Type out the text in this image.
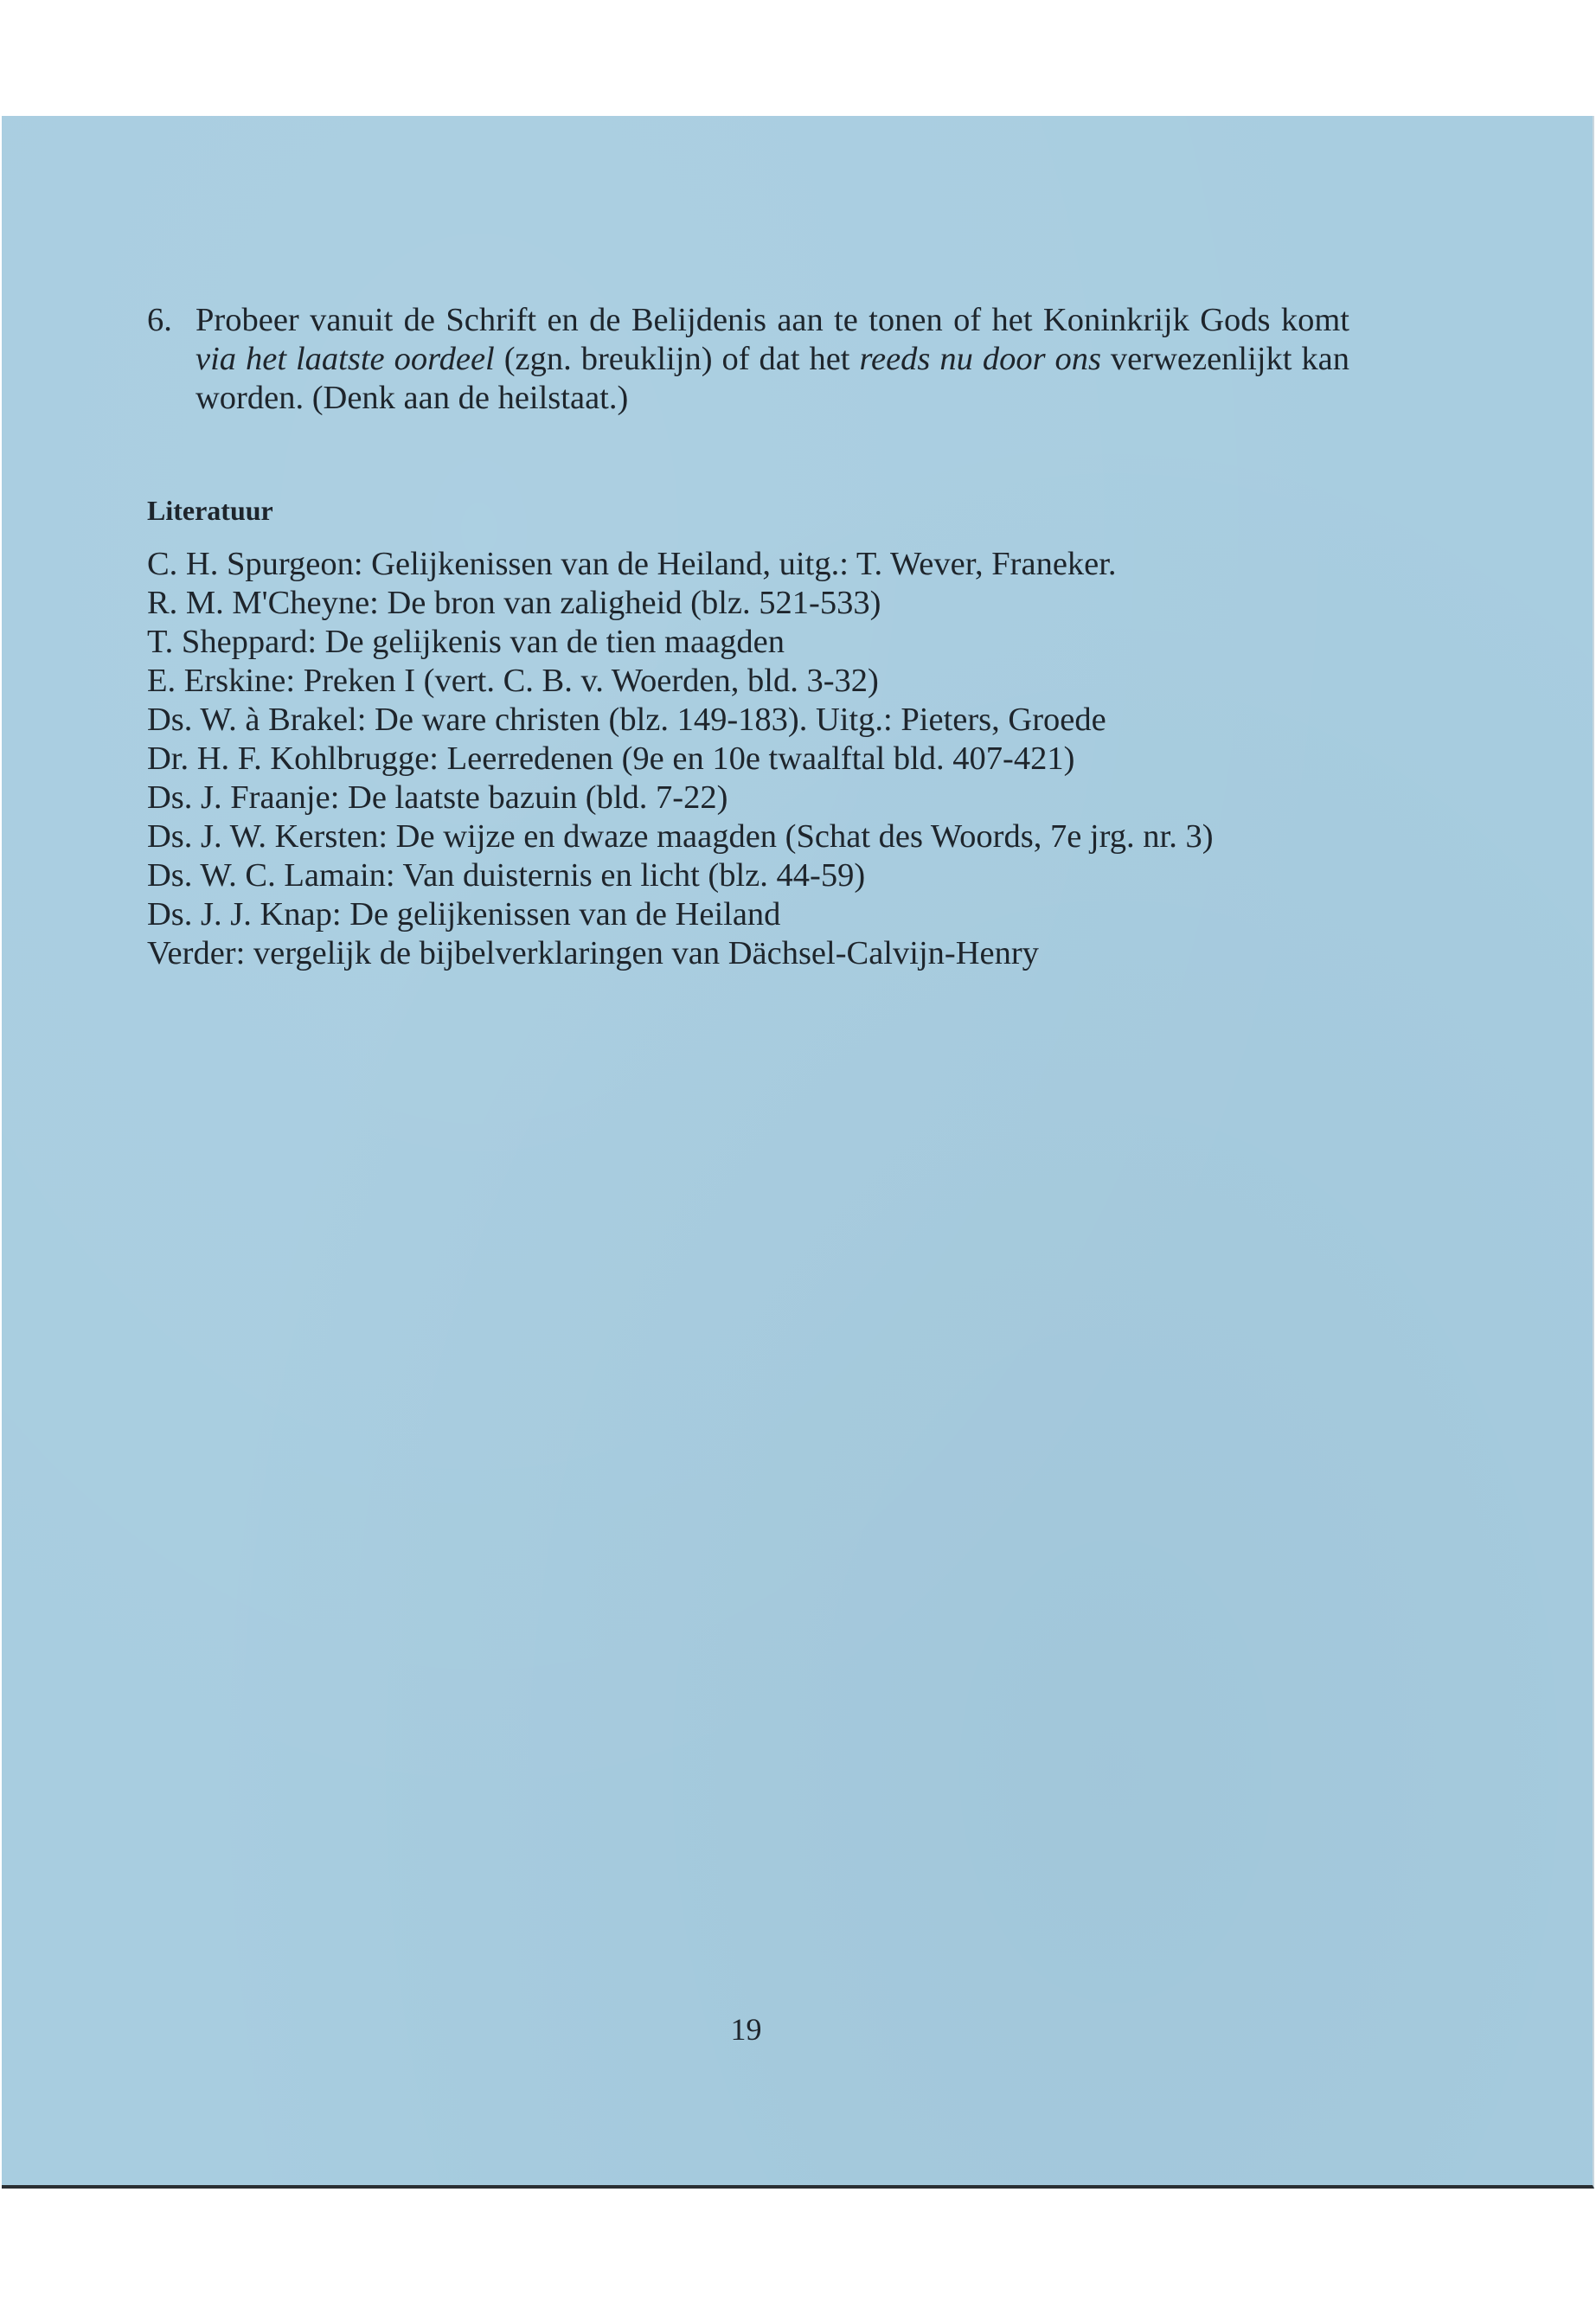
6. Probeer vanuit de Schrift en de Belijdenis aan te tonen of het Koninkrijk Gods komt via het laatste oordeel (zgn. breuklijn) of dat het reeds nu door ons verwezenlijkt kan worden. (Denk aan de heilstaat.)
Literatuur
C. H. Spurgeon: Gelijkenissen van de Heiland, uitg.: T. Wever, Franeker.
R. M. M'Cheyne: De bron van zaligheid (blz. 521-533)
T. Sheppard: De gelijkenis van de tien maagden
E. Erskine: Preken I (vert. C. B. v. Woerden, bld. 3-32)
Ds. W. à Brakel: De ware christen (blz. 149-183). Uitg.: Pieters, Groede
Dr. H. F. Kohlbrugge: Leerredenen (9e en 10e twaalftal bld. 407-421)
Ds. J. Fraanje: De laatste bazuin (bld. 7-22)
Ds. J. W. Kersten: De wijze en dwaze maagden (Schat des Woords, 7e jrg. nr. 3)
Ds. W. C. Lamain: Van duisternis en licht (blz. 44-59)
Ds. J. J. Knap: De gelijkenissen van de Heiland
Verder: vergelijk de bijbelverklaringen van Dächsel-Calvijn-Henry
19
